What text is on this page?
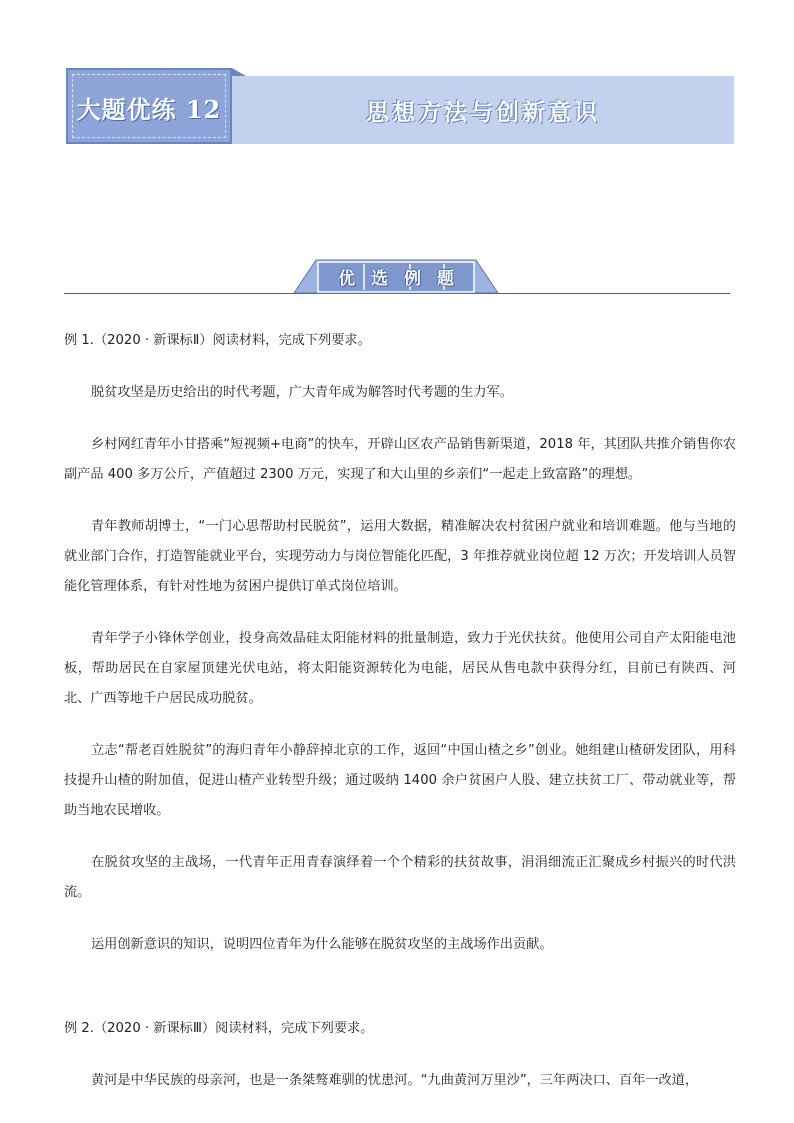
大题优练 12	思想方法与创新意识
优选例题

例 1.（2020 · 新课标Ⅱ）阅读材料，完成下列要求。

脱贫攻坚是历史给出的时代考题，广大青年成为解答时代考题的生力军。

乡村网红青年小甘搭乘“短视频+电商”的快车，开辟山区农产品销售新渠道，2018 年，其团队共推介销售你农副产品 400 多万公斤，产值超过 2300 万元，实现了和大山里的乡亲们“一起走上致富路”的理想。

青年教师胡博士，“一门心思帮助村民脱贫”，运用大数据，精准解决农村贫困户就业和培训难题。他与当地的就业部门合作，打造智能就业平台，实现劳动力与岗位智能化匹配，3 年推荐就业岗位超 12 万次；开发培训人员智能化管理体系，有针对性地为贫困户提供订单式岗位培训。

青年学子小锋休学创业，投身高效晶硅太阳能材料的批量制造，致力于光伏扶贫。他使用公司自产太阳能电池板，帮助居民在自家屋顶建光伏电站，将太阳能资源转化为电能，居民从售电款中获得分红，目前已有陕西、河北、广西等地千户居民成功脱贫。

立志“帮老百姓脱贫”的海归青年小静辞掉北京的工作，返回“中国山楂之乡”创业。她组建山楂研发团队，用科技提升山楂的附加值，促进山楂产业转型升级；通过吸纳 1400 余户贫困户人股、建立扶贫工厂、带动就业等，帮助当地农民增收。

在脱贫攻坚的主战场，一代青年正用青春演绎着一个个精彩的扶贫故事，涓涓细流正汇聚成乡村振兴的时代洪流。

运用创新意识的知识，说明四位青年为什么能够在脱贫攻坚的主战场作出贡献。

例 2.（2020 · 新课标Ⅲ）阅读材料，完成下列要求。

黄河是中华民族的母亲河，也是一条桀骜难驯的忧患河。“九曲黄河万里沙”，三年两决口、百年一改道，
